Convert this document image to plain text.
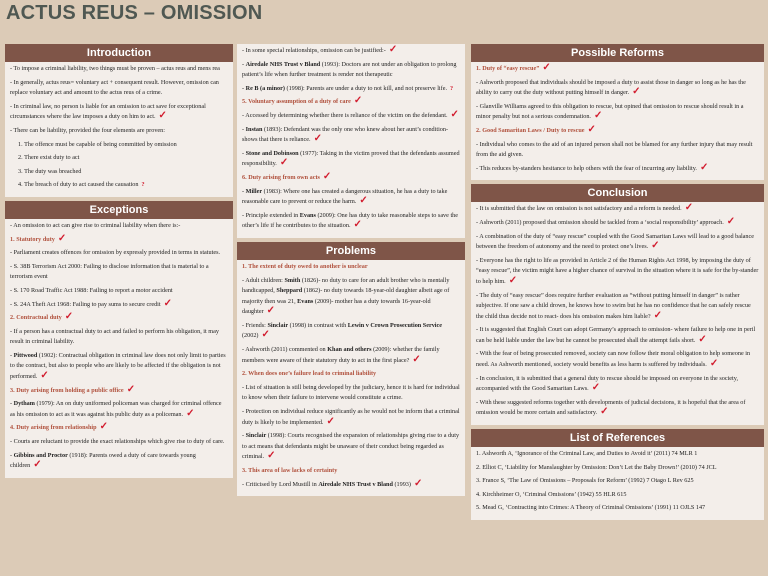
ACTUS REUS – OMISSION
Introduction

- To impose a criminal liability, two things must be proven – actus reus and mens rea

- In generally, actus reus= voluntary act + consequent result. However, omission can replace voluntary act and amount to the actus reus of a crime.

- In criminal law, no person is liable for an omission to act save for exceptional circumstances where the law imposes a duty on him to act. ✓

- There can be liability, provided the four elements are proven:

1. The offence must be capable of being committed by omission

2. There exist duty to act

3. The duty was breached

4. The breach of duty to act caused the causation ?

Exceptions

- An omission to act can give rise to criminal liability when there is:-

1. Statutory duty ✓

- Parliament creates offences for omission by expressly provided in terms in statutes.

- S. 38B Terrorism Act 2000: Failing to disclose information that is material to a terrorism event

- S. 170 Road Traffic Act 1988: Failing to report a motor accident

- S. 24A Theft Act 1968: Failing to pay sums to secure credit ✓

2. Contractual duty ✓

- If a person has a contractual duty to act and failed to perform his obligation, it may result in criminal liability.

- Pittwood (1902): Contractual obligation in criminal law does not only limit to parties to the contract, but also to people who are likely to be affected if the obligation is not performed. ✓

3. Duty arising from holding a public office ✓

- Dytham (1979): An on duty uniformed policeman was charged for criminal offence as his omission to act as it was against his public duty as a policeman. ✓

4. Duty arising from relationship ✓

- Courts are reluctant to provide the exact relationships which give rise to duty of care.

- Gibbins and Proctor (1918): Parents owed a duty of care towards young children ✓

- In some special relationships, omission can be justified:- ✓

- Airedale NHS Trust v Bland (1993): Doctors are not under an obligation to prolong patient’s life when further treatment is render not therapeutic

- Re B (a minor) (1998): Parents are under a duty to not kill, and not preserve life. ?

5. Voluntary assumption of a duty of care ✓

- Accessed by determining whether there is reliance of the victim on the defendant. ✓

- Instan (1893): Defendant was the only one who knew about her aunt’s condition- shows that there is reliance. ✓

- Stone and Dobinson (1977): Taking in the victim proved that the defendants assumed responsibility. ✓

6. Duty arising from own acts ✓

- Miller (1983): Where one has created a dangerous situation, he has a duty to take reasonable care to prevent or reduce the harm. ✓

- Principle extended in Evans (2009): One has duty to take reasonable steps to save the other’s life if he contributes to the situation. ✓

Problems

1. The extent of duty owed to another is unclear

- Adult children: Smith (1826)- no duty to care for an adult brother who is mentally handicapped, Sheppard (1862)- no duty towards 18-year-old daughter albeit age of majority then was 21, Evans (2009)- mother has a duty towards 16-year-old daughter ✓

- Friends: Sinclair (1998) in contrast with Lewin v Crown Prosecution Service (2002) ✓

- Ashworth (2011) commented on Khan and others (2009): whether the family members were aware of their statutory duty to act in the first place? ✓

2. When does one’s failure lead to criminal liability

- List of situation is still being developed by the judiciary, hence it is hard for individual to know when their failure to intervene would constitute a crime.

- Protection on individual reduce significantly as he would not be inform that a criminal duty is likely to be implemented. ✓

- Sinclair (1998): Courts recognised the expansion of relationships giving rise to a duty to act means that defendants might be unaware of their conduct being regarded as criminal. ✓

3. This area of law lacks of certainty

- Criticised by Lord Mustill in Airedale NHS Trust v Bland (1993) ✓

Possible Reforms

1. Duty of “easy rescue” ✓

- Ashworth proposed that individuals should be imposed a duty to assist those in danger so long as he has the ability to carry out the duty without putting himself in danger. ✓

- Glanville Williams agreed to this obligation to rescue, but opined that omission to rescue should result in a minor penalty but not a serious condemnation. ✓

2. Good Samaritan Laws / Duty to rescue ✓

- Individual who comes to the aid of an injured person shall not be blamed for any further injury that may result from the aid given.

- This reduces by-standers hesitance to help others with the fear of incurring any liability. ✓

Conclusion

- It is submitted that the law on omission is not satisfactory and a reform is needed. ✓

- Ashworth (2011) proposed that omission should be tackled from a ‘social responsibility’ approach. ✓

- A combination of the duty of “easy rescue” coupled with the Good Samaritan Laws will lead to a good balance between the freedom of autonomy and the need to protect one’s lives. ✓

- Everyone has the right to life as provided in Article 2 of the Human Rights Act 1998, by imposing the duty of “easy rescue”, the victim might have a higher chance of survival in the situation where it is safe for the by-stander to help him. ✓

- The duty of “easy rescue” does require further evaluation as “without putting himself in danger” is rather subjective. If one saw a child drown, he knows how to swim but he has no confidence that he can safely rescue the child thus decide not to react- does his omission makes him liable? ✓

- It is suggested that English Court can adopt Germany’s approach to omission- where failure to help one in peril can be held liable under the law but he cannot be prosecuted shall the attempt fails short. ✓

- With the fear of being prosecuted removed, society can now follow their moral obligation to help someone in need. As Ashworth mentioned, society would benefits as less harm is suffered by individuals. ✓

- In conclusion, it is submitted that a general duty to rescue should be imposed on everyone in the society, accompanied with the Good Samaritan Laws. ✓

- With these suggested reforms together with developments of judicial decisions, it is hopeful that the area of omission would be more certain and satisfactory. ✓

List of References

1. Ashworth A, ‘Ignorance of the Criminal Law, and Duties to Avoid it’ (2011) 74 MLR 1

2. Elliot C, ‘Liability for Manslaughter by Omission: Don’t Let the Baby Drown!’ (2010) 74 JCL

3. France S, ‘The Law of Omissions – Proposals for Reform’ (1992) 7 Otago L Rev 625

4. Kirchheimer O, ‘Criminal Omissions’ (1942) 55 HLR 615

5. Mead G, ‘Contracting into Crimes: A Theory of Criminal Omissions’ (1991) 11 OJLS 147
